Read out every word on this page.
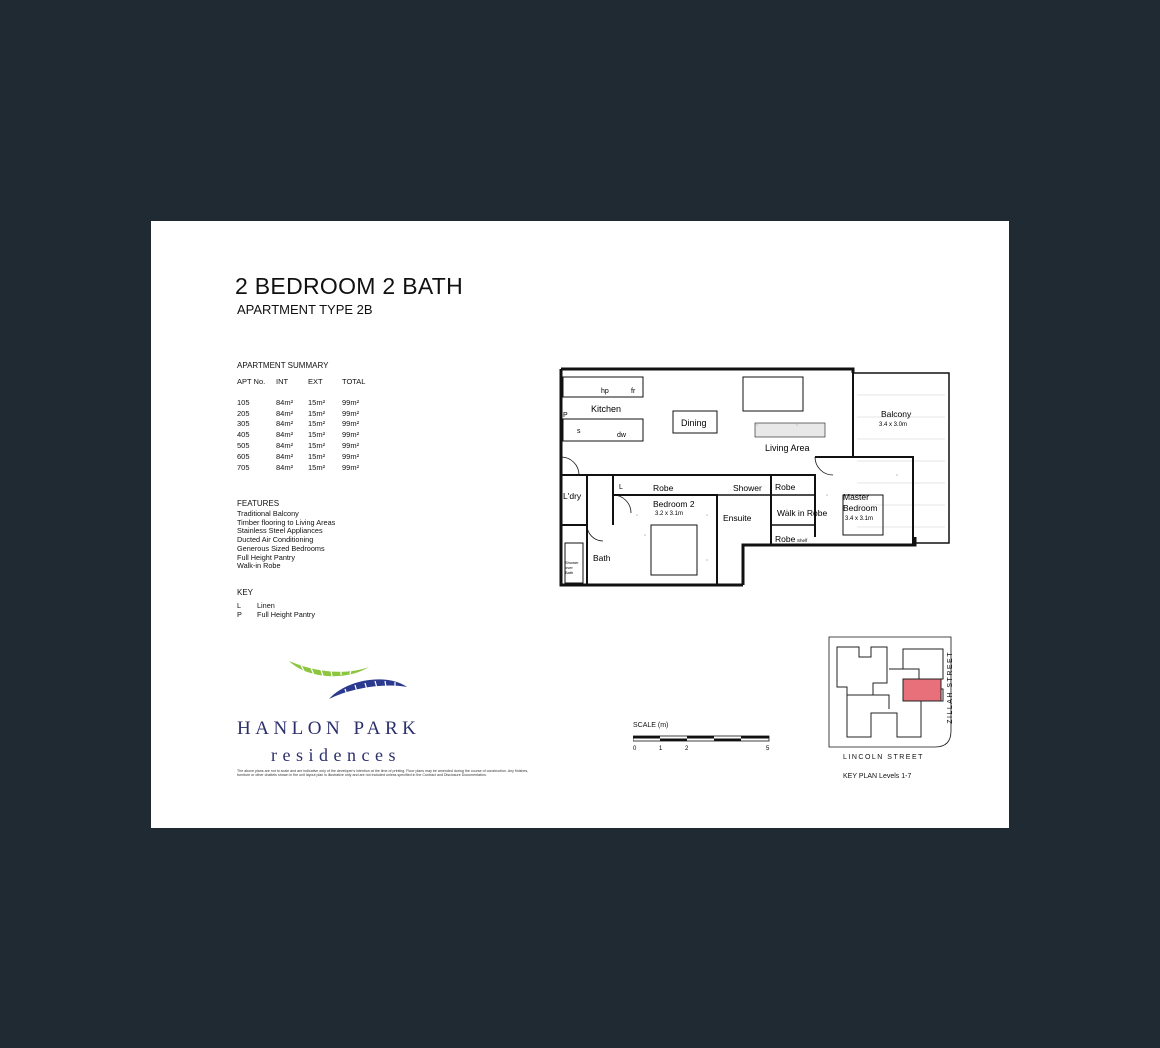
2 BEDROOM 2 BATH
APARTMENT TYPE 2B
APARTMENT SUMMARY
APT No.	INT	EXT	TOTAL
105	84m²	15m²	99m²
205	84m²	15m²	99m²
305	84m²	15m²	99m²
405	84m²	15m²	99m²
505	84m²	15m²	99m²
605	84m²	15m²	99m²
705	84m²	15m²	99m²
FEATURES
Traditional Balcony
Timber flooring to Living Areas
Stainless Steel Appliances
Ducted Air Conditioning
Generous Sized Bedrooms
Full Height Pantry
Walk-in Robe
KEY
L Linen
P Full Height Pantry
HANLON PARK
residences
The above plans are not to scale and are indicative only of the developer's intention at the time of printing. Floor plans may be amended during the course of construction. Any finishes, furniture or other chattels shown in the unit layout plan is illustrative only and are not included unless specified in the Contract and Disclosure Documentation.
Kitchen
Dining
Living Area
Balcony
3.4 x 3.0m
Bedroom 2
3.2 x 3.1m
Master
Bedroom
3.4 x 3.1m
L'dry
Bath
Ensuite
Shower
Walk in Robe
Robe	Robe
Robe Shelf
hp	fr
P
s
dw
L
Shower
over
Bath
SCALE (m)
0	1	2	5
ZILLAH STREET
LINCOLN STREET
KEY PLAN Levels 1-7
